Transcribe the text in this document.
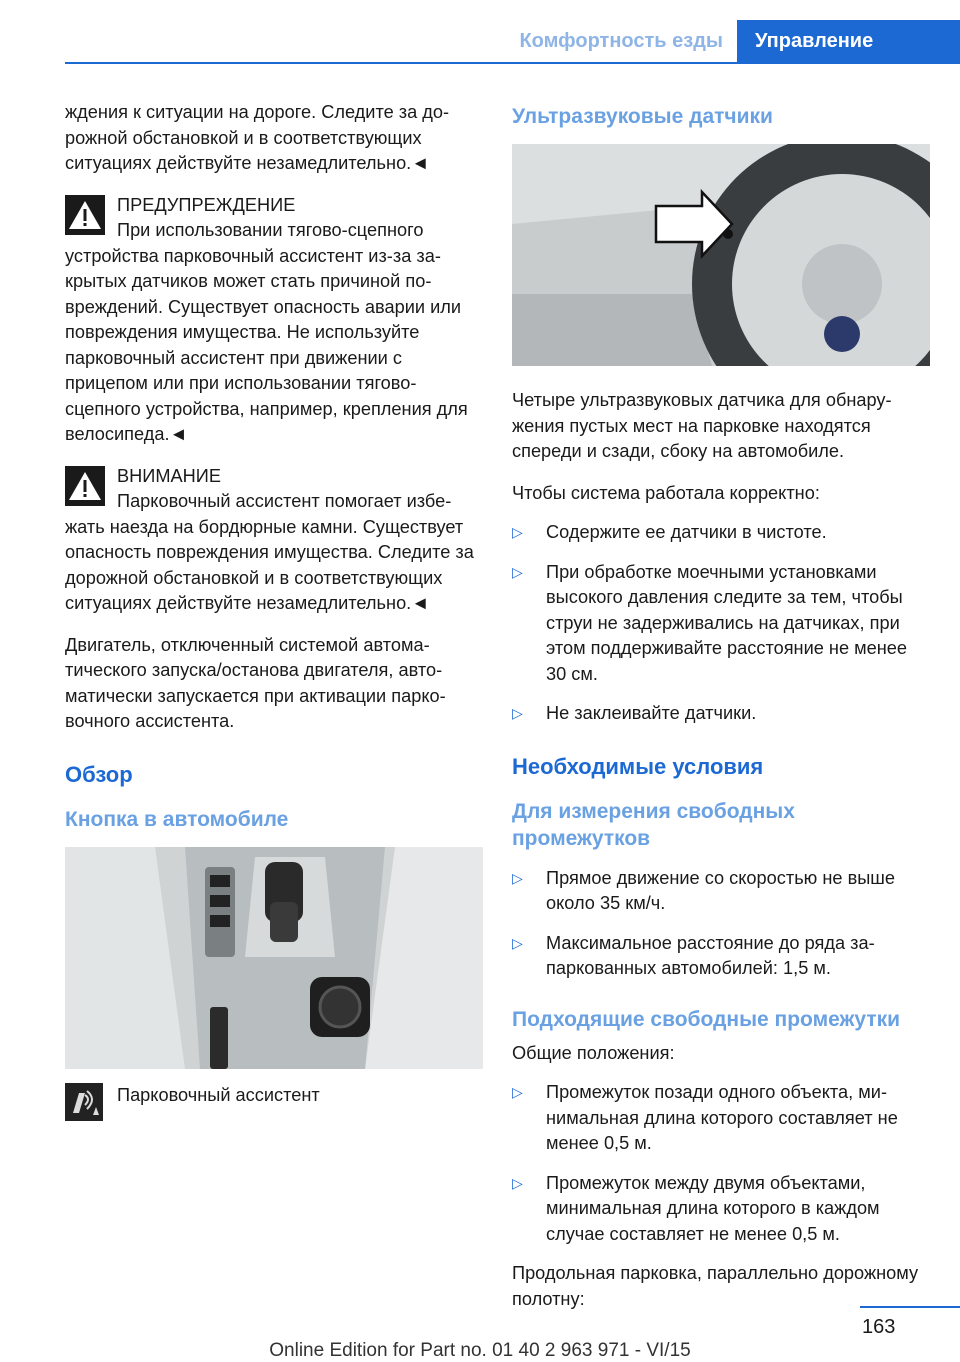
Комфортность езды	Управление

ждения к ситуации на дороге. Следите за дорожной обстановкой и в соответствующих ситуациях действуйте незамедлительно.◄

ПРЕДУПРЕЖДЕНИЕ

При использовании тягово-сцепного устройства парковочный ассистент из-за закрытых датчиков может стать причиной повреждений. Существует опасность аварии или повреждения имущества. Не используйте парковочный ассистент при движении с прицепом или при использовании тягово-сцепного устройства, например, крепления для велосипеда.◄

ВНИМАНИЕ

Парковочный ассистент помогает избежать наезда на бордюрные камни. Существует опасность повреждения имущества. Следите за дорожной обстановкой и в соответствующих ситуациях действуйте незамедлительно.◄

Двигатель, отключенный системой автоматического запуска/останова двигателя, автоматически запускается при активации парковочного ассистента.

Обзор
Кнопка в автомобиле

Парковочный ассистент

Ультразвуковые датчики

Четыре ультразвуковых датчика для обнаружения пустых мест на парковке находятся спереди и сзади, сбоку на автомобиле.

Чтобы система работала корректно:

▷	Содержите ее датчики в чистоте.

▷	При обработке моечными установками высокого давления следите за тем, чтобы струи не задерживались на датчиках, при этом поддерживайте расстояние не менее 30 см.

▷	Не заклеивайте датчики.

Необходимые условия
Для измерения свободных промежутков
▷	Прямое движение со скоростью не выше около 35 км/ч.

▷	Максимальное расстояние до ряда запаркованных автомобилей: 1,5 м.

Подходящие свободные промежутки

Общие положения:

▷	Промежуток позади одного объекта, минимальная длина которого составляет не менее 0,5 м.

▷	Промежуток между двумя объектами, минимальная длина которого в каждом случае составляет не менее 0,5 м.

Продольная парковка, параллельно дорожному полотну:

163
Online Edition for Part no. 01 40 2 963 971 - VI/15
